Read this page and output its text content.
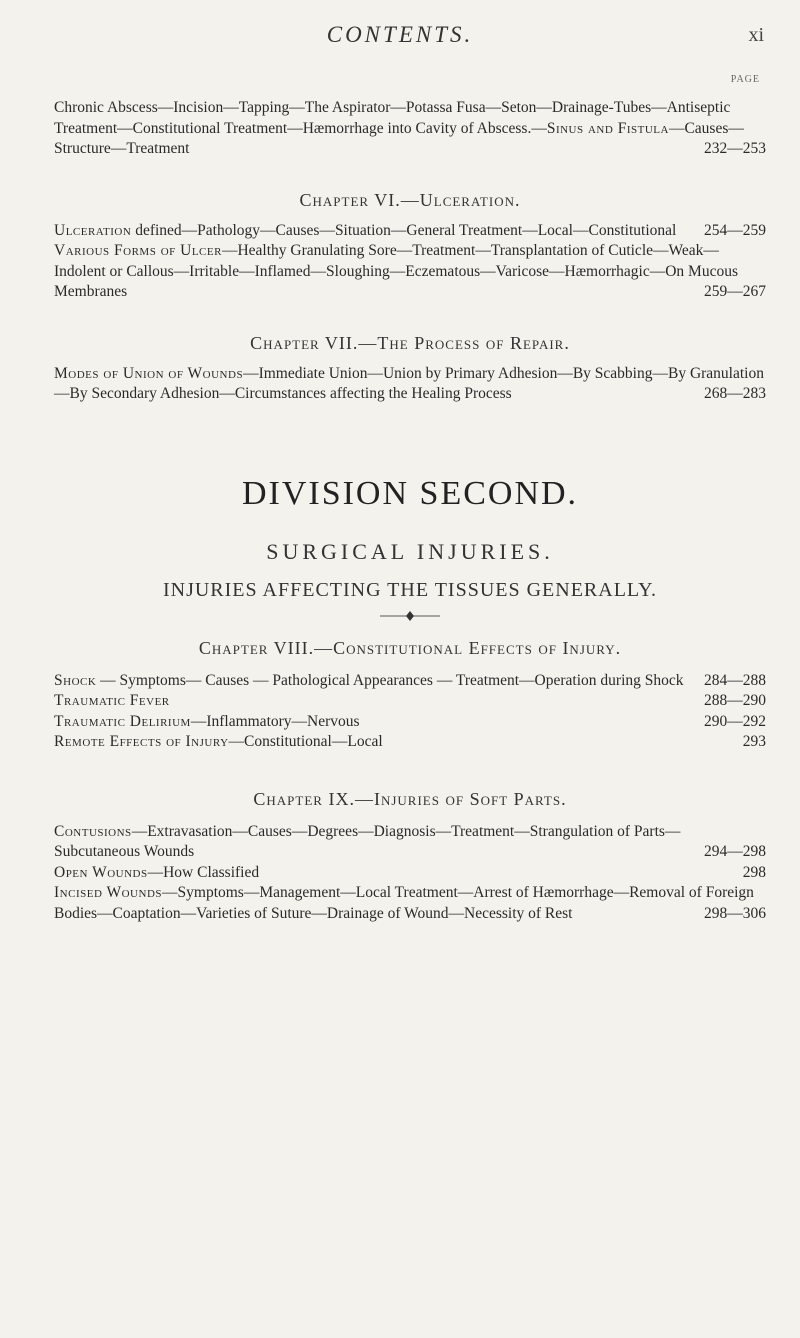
CONTENTS.	xi
PAGE

Chronic Abscess—Incision—Tapping—The Aspirator—Potassa Fusa—Seton—Drainage-Tubes—Antiseptic Treatment—Constitutional Treatment—Hæmorrhage into Cavity of Abscess.—Sinus and Fistula—Causes—Structure—Treatment	232—253

Chapter VI.—Ulceration.

Ulceration defined—Pathology—Causes—Situation—General Treatment—Local—Constitutional 254—259

Various Forms of Ulcer—Healthy Granulating Sore—Treatment—Transplantation of Cuticle—Weak—Indolent or Callous—Irritable—Inflamed—Sloughing—Eczematous—Varicose—Hæmorrhagic—On Mucous Membranes	259—267

Chapter VII.—The Process of Repair.

Modes of Union of Wounds—Immediate Union—Union by Primary Adhesion—By Scabbing—By Granulation—By Secondary Adhesion—Circumstances affecting the Healing Process	268—283

DIVISION SECOND.
SURGICAL INJURIES.
INJURIES AFFECTING THE TISSUES GENERALLY.
Chapter VIII.—Constitutional Effects of Injury.

Shock — Symptoms— Causes — Pathological Appearances — Treatment—Operation during Shock 284—288

Traumatic Fever	288—290

Traumatic Delirium—Inflammatory—Nervous	290—292

Remote Effects of Injury—Constitutional—Local	293

Chapter IX.—Injuries of Soft Parts.

Contusions—Extravasation—Causes—Degrees—Diagnosis—Treatment—Strangulation of Parts—Subcutaneous Wounds	294—298

Open Wounds—How Classified	298

Incised Wounds—Symptoms—Management—Local Treatment—Arrest of Hæmorrhage—Removal of Foreign Bodies—Coaptation—Varieties of Suture—Drainage of Wound—Necessity of Rest	298—306
